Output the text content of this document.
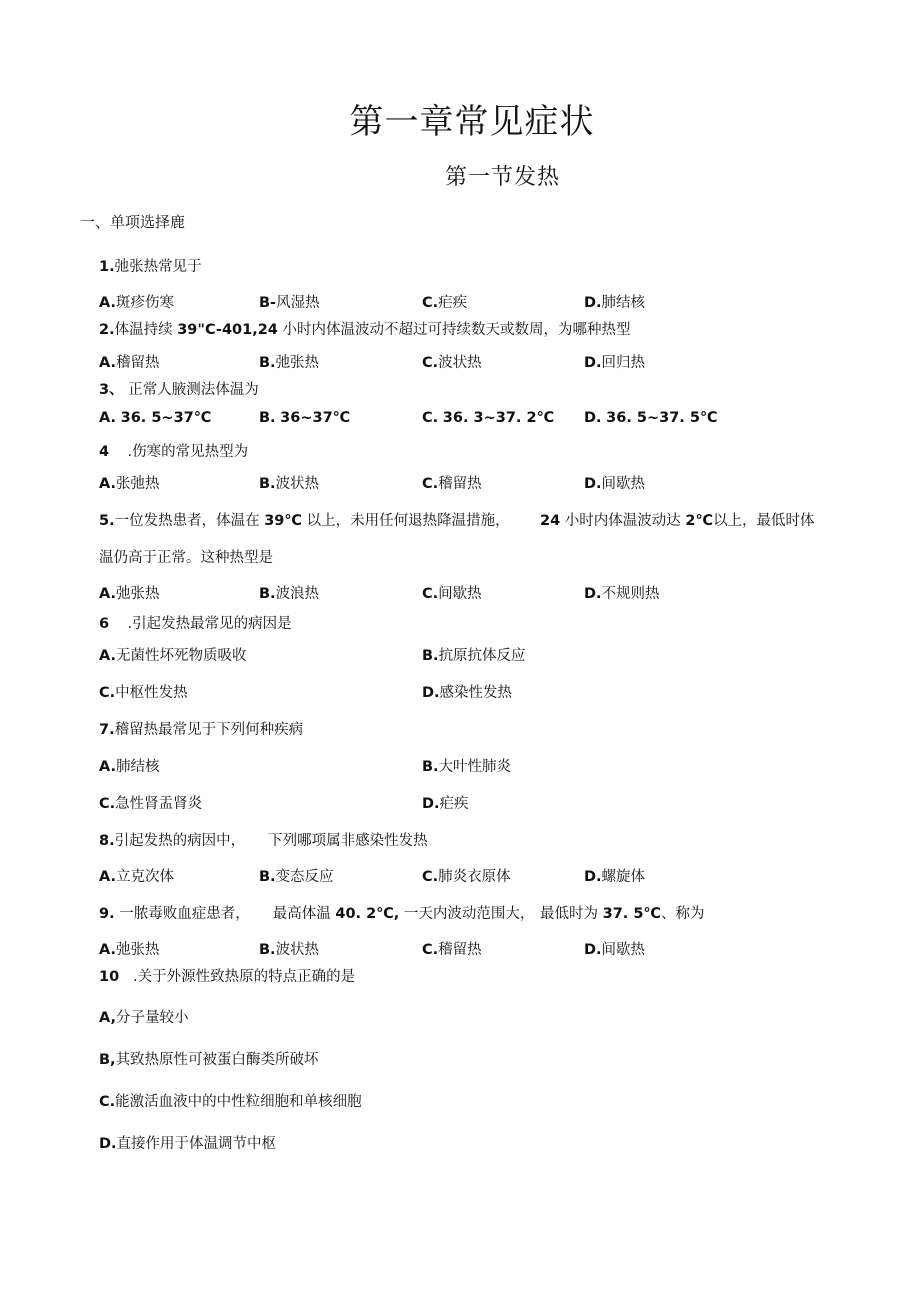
第一章常见症状
第一节发热
一、单项选择鹿
1.弛张热常见于
A.斑疹伤寒	B-风湿热	C.疟疾	D.肺结核
2.体温持续 39"C-401,24 小时内体温波动不超过可持续数天或数周，为哪种热型
A.稽留热	B.弛张热	C.波状热	D.回归热
3、 正常人腋测法体温为
A. 36. 5~37℃	B. 36~37℃	C. 36. 3~37. 2℃ D. 36. 5~37. 5℃
4 .伤寒的常见热型为
A.张弛热	B.波状热	C.稽留热	D.间歇热
5.一位发热患者，体温在 39℃ 以上，未用任何退热降温措施， 24 小时内体温波动达 2℃以上，最低时体
温仍高于正常。这种热型是
A.弛张热	B.波浪热	C.间歇热	D.不规则热
6 .引起发热最常见的病因是
A.无菌性坏死物质吸收	B.抗原抗体反应
C.中枢性发热	D.感染性发热
7.稽留热最常见于下列何种疾病
A.肺结核	B.大叶性肺炎
C.急性肾盂肾炎	D.疟疾
8.引起发热的病因中， 下列哪项属非感染性发热
A.立克次体	B.变态反应	C.肺炎衣原体	D.螺旋体
9. 一脓毒败血症患者， 最高体温 40. 2℃, 一天内波动范围大， 最低时为 37. 5℃、称为
A.弛张热	B.波状热	C.稽留热	D.间歇热
10 .关于外源性致热原的特点正确的是
A,分子量较小
B,其致热原性可被蛋白酶类所破坏
C.能激活血液中的中性粒细胞和单核细胞
D.直接作用于体温调节中枢
